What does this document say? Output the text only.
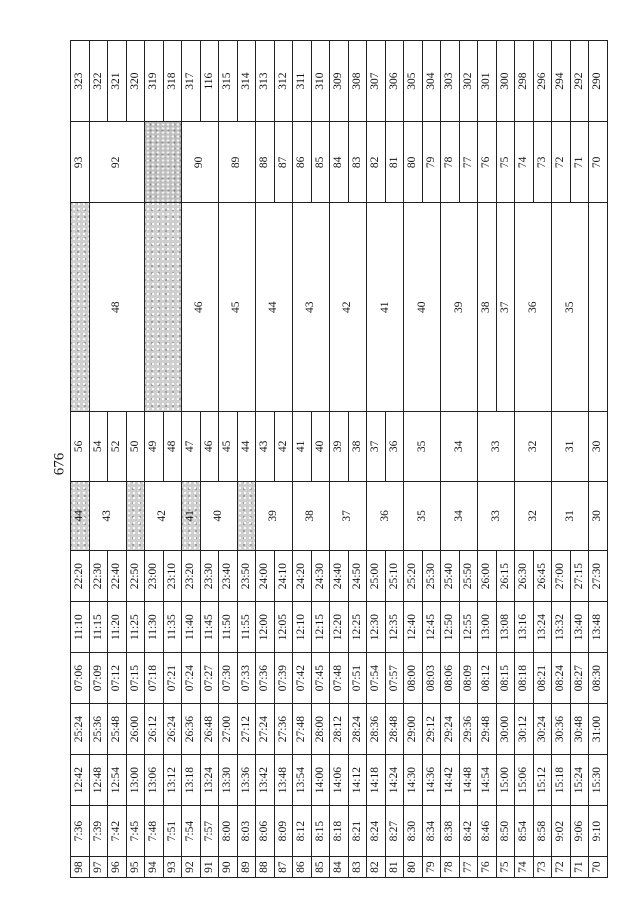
676
98	7:36	12:42	25:24	07:06	11:10	22:20	44	56		93	323
97	7:39	12:48	25:36	07:09	11:15	22:30	43	54	48	92	322
96	7:42	12:54	25:48	07:12	11:20	22:40		52			321
95	7:45	13:00	26:00	07:15	11:25	22:50		50			320
94	7:48	13:06	26:12	07:18	11:30	23:00	42	49			319
93	7:51	13:12	26:24	07:21	11:35	23:10		48			318
92	7:54	13:18	26:36	07:24	11:40	23:20	41	47	46	90	317
91	7:57	13:24	26:48	07:27	11:45	23:30	40	46			116
90	8:00	13:30	27:00	07:30	11:50	23:40		45	45	89	315
89	8:03	13:36	27:12	07:33	11:55	23:50		44			314
88	8:06	13:42	27:24	07:36	12:00	24:00	39	43	44	88	313
87	8:09	13:48	27:36	07:39	12:05	24:10		42		87	312
86	8:12	13:54	27:48	07:42	12:10	24:20	38	41	43	86	311
85	8:15	14:00	28:00	07:45	12:15	24:30		40		85	310
84	8:18	14:06	28:12	07:48	12:20	24:40	37	39	42	84	309
83	8:21	14:12	28:24	07:51	12:25	24:50		38		83	308
82	8:24	14:18	28:36	07:54	12:30	25:00	36	37	41	82	307
81	8:27	14:24	28:48	07:57	12:35	25:10		36		81	306
80	8:30	14:30	29:00	08:00	12:40	25:20	35	35	40	80	305
79	8:34	14:36	29:12	08:03	12:45	25:30				79	304
78	8:38	14:42	29:24	08:06	12:50	25:40	34	34	39	78	303
77	8:42	14:48	29:36	08:09	12:55	25:50				77	302
76	8:46	14:54	29:48	08:12	13:00	26:00	33	33	38	76	301
75	8:50	15:00	30:00	08:15	13:08	26:15			37	75	300
74	8:54	15:06	30:12	08:18	13:16	26:30	32	32	36	74	298
73	8:58	15:12	30:24	08:21	13:24	26:45				73	296
72	9:02	15:18	30:36	08:24	13:32	27:00	31	31	35	72	294
71	9:06	15:24	30:48	08:27	13:40	27:15				71	292
70	9:10	15:30	31:00	08:30	13:48	27:30	30	30		70	290
